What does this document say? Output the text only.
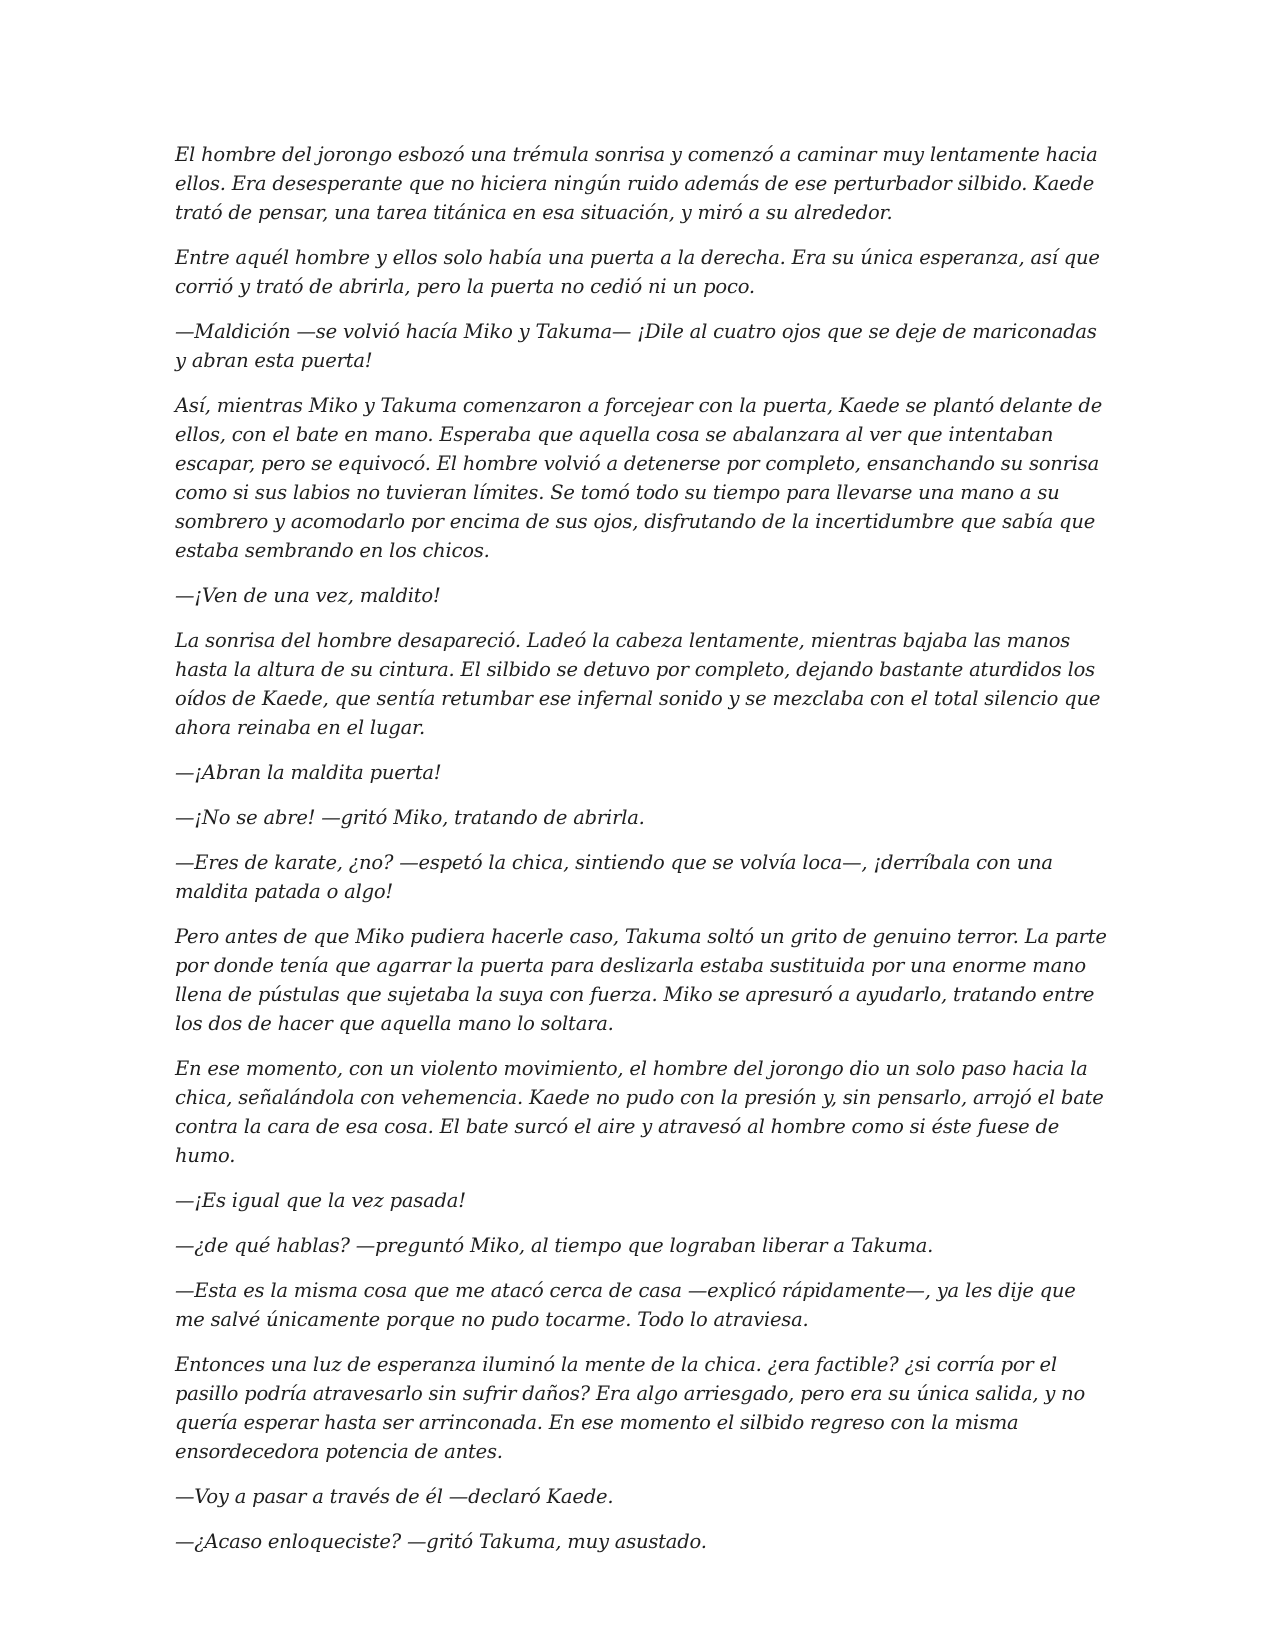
El hombre del jorongo esbozó una trémula sonrisa y comenzó a caminar muy lentamente hacia ellos. Era desesperante que no hiciera ningún ruido además de ese perturbador silbido. Kaede trató de pensar, una tarea titánica en esa situación, y miró a su alrededor.

Entre aquél hombre y ellos solo había una puerta a la derecha. Era su única esperanza, así que corrió y trató de abrirla, pero la puerta no cedió ni un poco.

—Maldición —se volvió hacía Miko y Takuma— ¡Dile al cuatro ojos que se deje de mariconadas y abran esta puerta!

Así, mientras Miko y Takuma comenzaron a forcejear con la puerta, Kaede se plantó delante de ellos, con el bate en mano. Esperaba que aquella cosa se abalanzara al ver que intentaban escapar, pero se equivocó. El hombre volvió a detenerse por completo, ensanchando su sonrisa como si sus labios no tuvieran límites. Se tomó todo su tiempo para llevarse una mano a su sombrero y acomodarlo por encima de sus ojos, disfrutando de la incertidumbre que sabía que estaba sembrando en los chicos.

—¡Ven de una vez, maldito!

La sonrisa del hombre desapareció. Ladeó la cabeza lentamente, mientras bajaba las manos hasta la altura de su cintura. El silbido se detuvo por completo, dejando bastante aturdidos los oídos de Kaede, que sentía retumbar ese infernal sonido y se mezclaba con el total silencio que ahora reinaba en el lugar.

—¡Abran la maldita puerta!

—¡No se abre! —gritó Miko, tratando de abrirla.

—Eres de karate, ¿no? —espetó la chica, sintiendo que se volvía loca—, ¡derríbala con una maldita patada o algo!

Pero antes de que Miko pudiera hacerle caso, Takuma soltó un grito de genuino terror. La parte por donde tenía que agarrar la puerta para deslizarla estaba sustituida por una enorme mano llena de pústulas que sujetaba la suya con fuerza. Miko se apresuró a ayudarlo, tratando entre los dos de hacer que aquella mano lo soltara.

En ese momento, con un violento movimiento, el hombre del jorongo dio un solo paso hacia la chica, señalándola con vehemencia. Kaede no pudo con la presión y, sin pensarlo, arrojó el bate contra la cara de esa cosa. El bate surcó el aire y atravesó al hombre como si éste fuese de humo.

—¡Es igual que la vez pasada!

—¿de qué hablas? —preguntó Miko, al tiempo que lograban liberar a Takuma.

—Esta es la misma cosa que me atacó cerca de casa —explicó rápidamente—, ya les dije que me salvé únicamente porque no pudo tocarme. Todo lo atraviesa.

Entonces una luz de esperanza iluminó la mente de la chica. ¿era factible? ¿si corría por el pasillo podría atravesarlo sin sufrir daños? Era algo arriesgado, pero era su única salida, y no quería esperar hasta ser arrinconada. En ese momento el silbido regreso con la misma ensordecedora potencia de antes.

—Voy a pasar a través de él —declaró Kaede.

—¿Acaso enloqueciste? —gritó Takuma, muy asustado.
